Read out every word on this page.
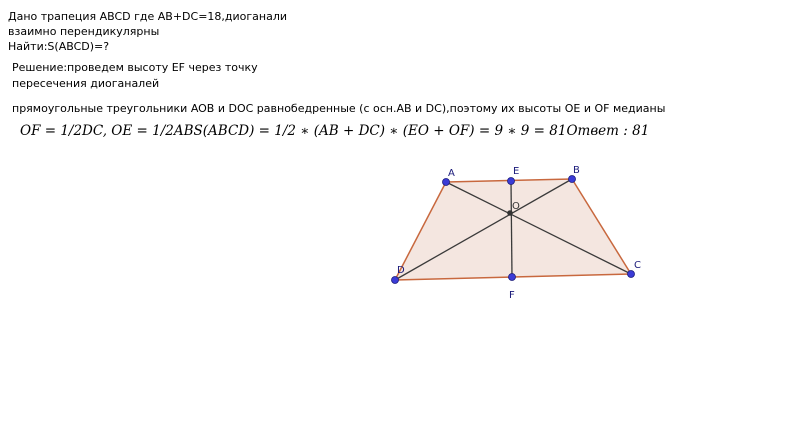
Дано трапеция ABCD где AB+DC=18,диоганали
взаимно перендикулярны
Найти:S(ABCD)=?
Решение:проведем высоту EF через точку
пересечения диоганалей
прямоугольные треугольники AOB и DOC равнобедренные (с осн.AB и DC),поэтому их высоты OE и OF медианы
OF = 1/2DC, OE = 1/2ABS(ABCD) = 1/2 ∗ (AB + DC) ∗ (EO + OF) = 9 ∗ 9 = 81Ответ : 81
A	B
C
D
E
F
O
